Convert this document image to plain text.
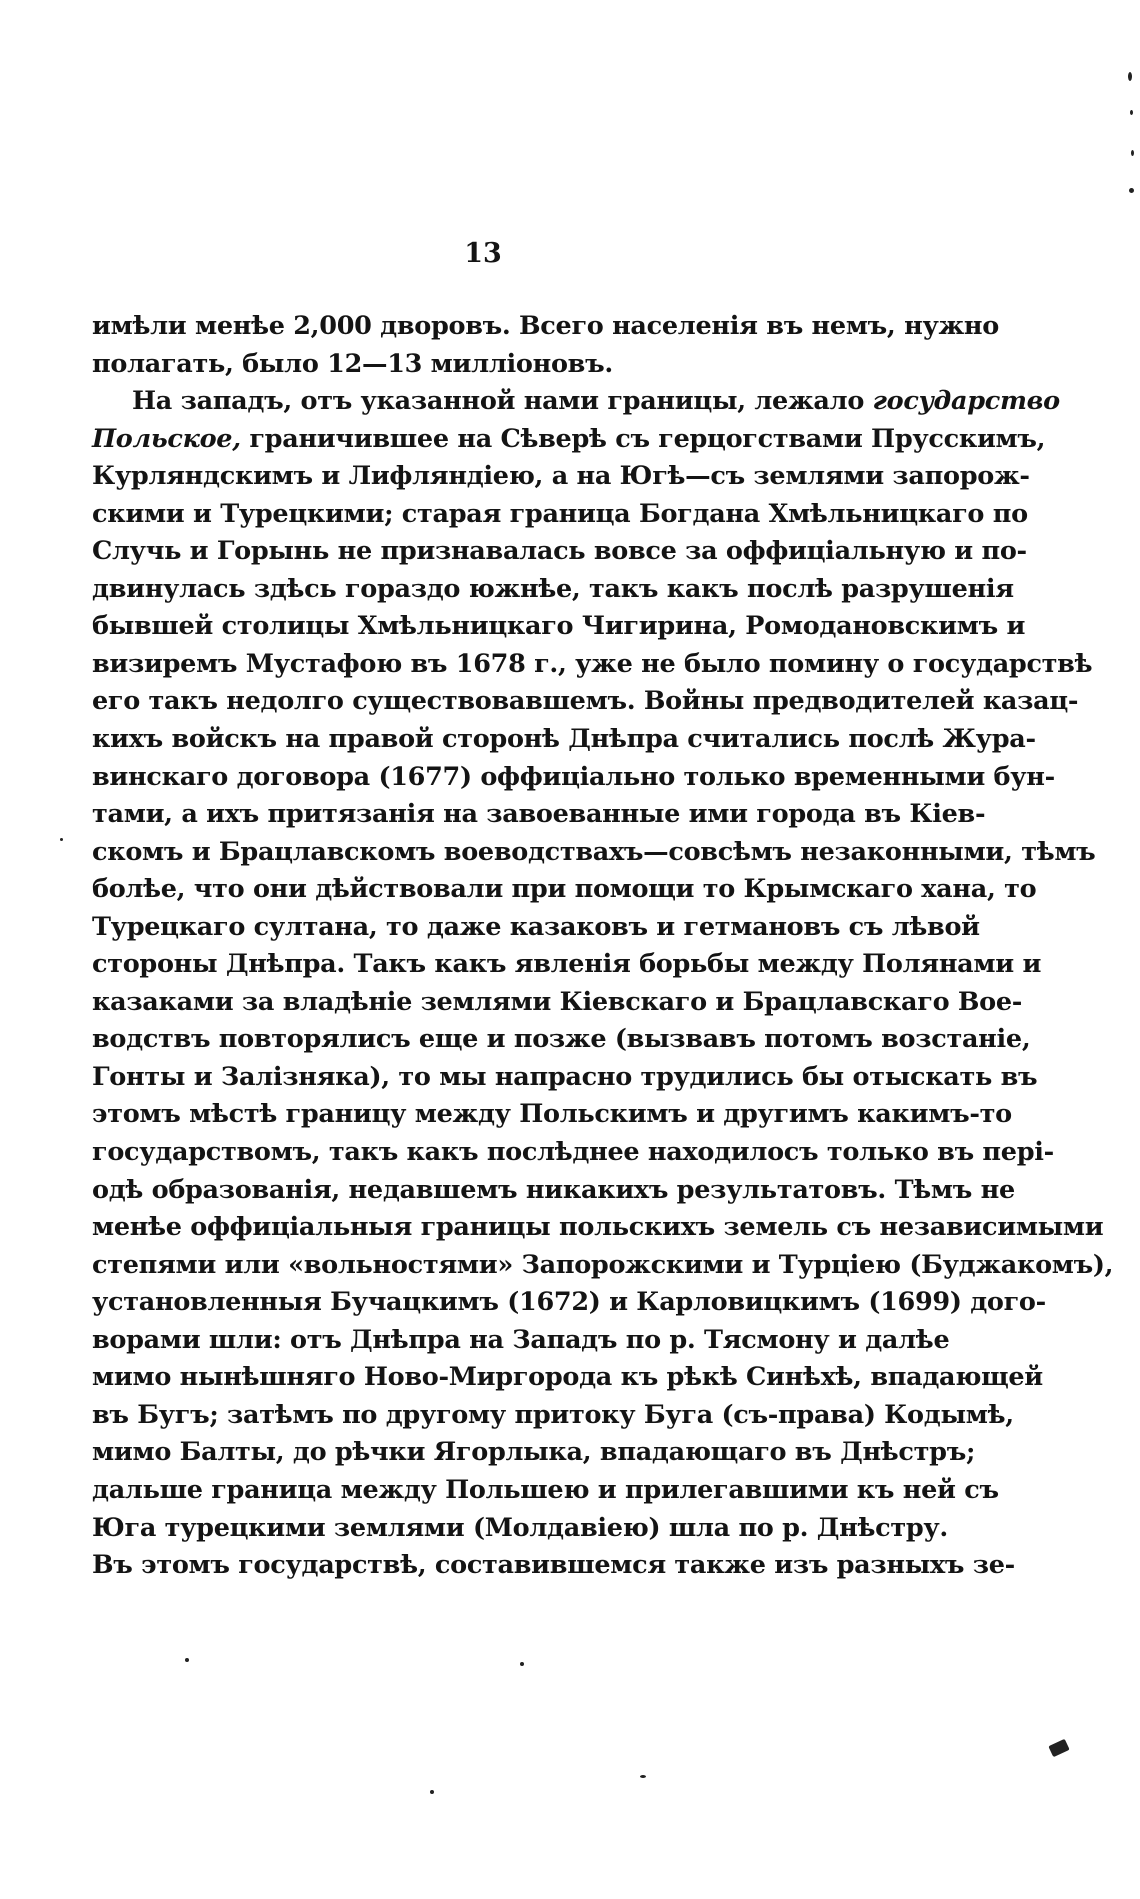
13
имѣли менѣе 2,000 дворовъ. Всего населенія въ немъ, нужно
полагать, было 12—13 милліоновъ.
На западъ, отъ указанной нами границы, лежало государство
Польское, граничившее на Сѣверѣ съ герцогствами Прусскимъ,
Курляндскимъ и Лифляндіею, а на Югѣ—съ землями запорож-
скими и Турецкими; старая граница Богдана Хмѣльницкаго по
Случь и Горынь не признавалась вовсе за оффиціальную и по-
двинулась здѣсь гораздо южнѣе, такъ какъ послѣ разрушенія
бывшей столицы Хмѣльницкаго Чигирина, Ромодановскимъ и
визиремъ Мустафою въ 1678 г., уже не было помину о государствѣ
его такъ недолго существовавшемъ. Войны предводителей казац-
кихъ войскъ на правой сторонѣ Днѣпра считались послѣ Жура-
винскаго договора (1677) оффиціально только временными бун-
тами, а ихъ притязанія на завоеванные ими города въ Кіев-
скомъ и Брацлавскомъ воеводствахъ—совсѣмъ незаконными, тѣмъ
болѣе, что они дѣйствовали при помощи то Крымскаго хана, то
Турецкаго султана, то даже казаковъ и гетмановъ съ лѣвой
стороны Днѣпра. Такъ какъ явленія борьбы между Полянами и
казаками за владѣніе землями Кіевскаго и Брацлавскаго Вое-
водствъ повторялисъ еще и позже (вызвавъ потомъ возстаніе,
Гонты и Залізняка), то мы напрасно трудились бы отыскать въ
этомъ мѣстѣ границу между Польскимъ и другимъ какимъ-то
государствомъ, такъ какъ послѣднее находилосъ только въ пері-
одѣ образованія, недавшемъ никакихъ результатовъ. Тѣмъ не
менѣе оффиціальныя границы польскихъ земель съ независимыми
степями или «вольностями» Запорожскими и Турціею (Буджакомъ),
установленныя Бучацкимъ (1672) и Карловицкимъ (1699) дого-
ворами шли: отъ Днѣпра на Западъ по р. Тясмону и далѣе
мимо нынѣшняго Ново-Миргорода къ рѣкѣ Синѣхѣ, впадающей
въ Бугъ; затѣмъ по другому притоку Буга (съ-права) Кодымѣ,
мимо Балты, до рѣчки Ягорлыка, впадающаго въ Днѣстръ;
дальше граница между Польшею и прилегавшими къ ней съ
Юга турецкими землями (Молдавіею) шла по р. Днѣстру.
Въ этомъ государствѣ, составившемся также изъ разныхъ зе-
